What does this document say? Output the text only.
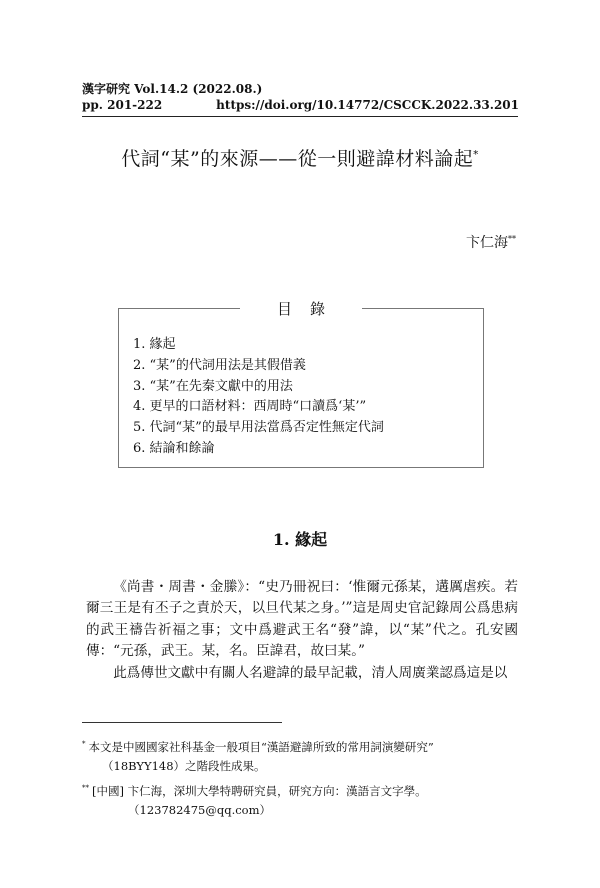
漢字研究 Vol.14.2 (2022.08.)
pp. 201-222	https://doi.org/10.14772/CSCCK.2022.33.201
代詞“某”的來源——從一則避諱材料論起*
卞仁海**
目錄
1. 緣起
2. “某”的代詞用法是其假借義
3. “某”在先秦文獻中的用法
4. 更早的口語材料：西周時“口讀爲‘某’”
5. 代詞“某”的最早用法當爲否定性無定代詞
6. 結論和餘論
1. 緣起

《尚書・周書・金縢》：“史乃冊祝曰：‘惟爾元孫某，遘厲虐疾。若爾三王是有丕子之責於天，以旦代某之身。’”這是周史官記錄周公爲患病的武王禱告祈福之事；文中爲避武王名“發”諱，以“某”代之。孔安國傳：“元孫，武王。某，名。臣諱君，故曰某。”

此爲傳世文獻中有關人名避諱的最早記載，清人周廣業認爲這是以

* 本文是中國國家社科基金一般項目“漢語避諱所致的常用詞演變研究”
（18BYY148）之階段性成果。
** [中國] 卞仁海，深圳大學特聘研究員，研究方向：漢語言文字學。
（123782475@qq.com）
